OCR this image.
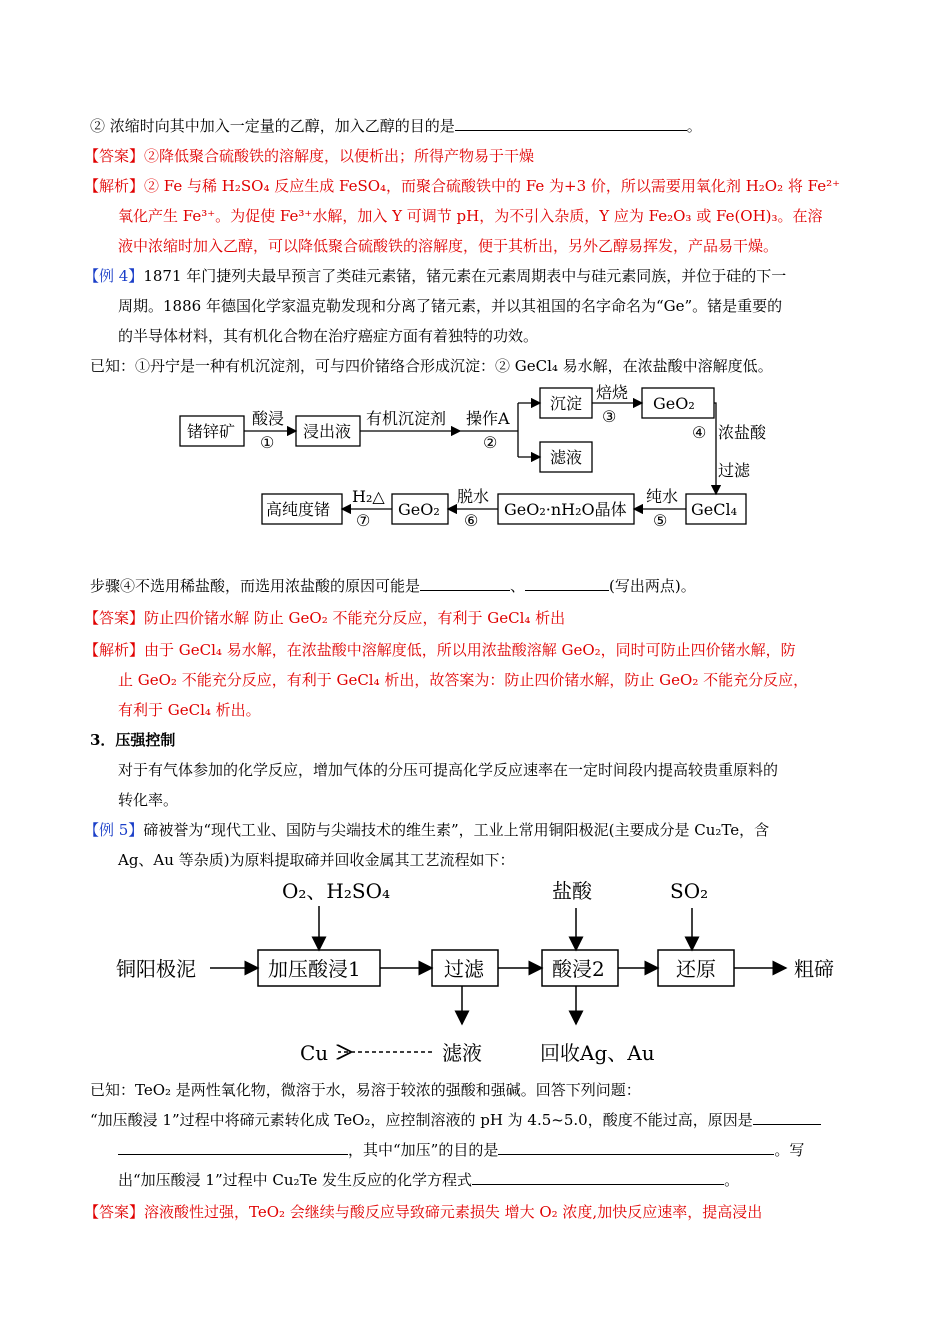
② 浓缩时向其中加入一定量的乙醇，加入乙醇的目的是	。
【答案】②降低聚合硫酸铁的溶解度，以便析出；所得产物易于干燥
【解析】② Fe 与稀 H₂SO₄ 反应生成 FeSO₄，而聚合硫酸铁中的 Fe 为+3 价，所以需要用氧化剂 H₂O₂ 将 Fe²⁺
氧化产生 Fe³⁺。为促使 Fe³⁺水解，加入 Y 可调节 pH，为不引入杂质，Y 应为 Fe₂O₃ 或 Fe(OH)₃。在溶
液中浓缩时加入乙醇，可以降低聚合硫酸铁的溶解度，便于其析出，另外乙醇易挥发，产品易干燥。
【例 4】1871 年门捷列夫最早预言了类硅元素锗，锗元素在元素周期表中与硅元素同族，并位于硅的下一
周期。1886 年德国化学家温克勒发现和分离了锗元素，并以其祖国的名字命名为“Ge”。锗是重要的
的半导体材料，其有机化合物在治疗癌症方面有着独特的功效。
已知：①丹宁是一种有机沉淀剂，可与四价锗络合形成沉淀：② GeCl₄ 易水解，在浓盐酸中溶解度低。
锗锌矿
酸浸
①
浸出液
有机沉淀剂 操作A
②
沉淀
滤液
焙烧
③
GeO₂
④ 浓盐酸
过滤
GeCl₄
纯水
⑤
GeO₂·nH₂O晶体
脱水
⑥
GeO₂
H₂△
⑦
高纯度锗
步骤④不选用稀盐酸，而选用浓盐酸的原因可能是	、	(写出两点)。
【答案】防止四价锗水解 防止 GeO₂ 不能充分反应，有利于 GeCl₄ 析出
【解析】由于 GeCl₄ 易水解，在浓盐酸中溶解度低，所以用浓盐酸溶解 GeO₂，同时可防止四价锗水解，防
止 GeO₂ 不能充分反应，有利于 GeCl₄ 析出，故答案为：防止四价锗水解，防止 GeO₂ 不能充分反应，
有利于 GeCl₄ 析出。
3．压强控制
对于有气体参加的化学反应，增加气体的分压可提高化学反应速率在一定时间段内提高较贵重原料的
转化率。
【例 5】碲被誉为“现代工业、国防与尖端技术的维生素”，工业上常用铜阳极泥(主要成分是 Cu₂Te，含
Ag、Au 等杂质)为原料提取碲并回收金属其工艺流程如下：
O₂、H₂SO₄	盐酸	SO₂
铜阳极泥	加压酸浸1	过滤	酸浸2	还原	粗碲
Cu	滤液	回收Ag、Au
已知：TeO₂ 是两性氧化物，微溶于水，易溶于较浓的强酸和强碱。回答下列问题：
“加压酸浸 1”过程中将碲元素转化成 TeO₂，应控制溶液的 pH 为 4.5~5.0，酸度不能过高，原因是
，其中“加压”的目的是	。写
出“加压酸浸 1”过程中 Cu₂Te 发生反应的化学方程式	。
【答案】溶液酸性过强，TeO₂ 会继续与酸反应导致碲元素损失 增大 O₂ 浓度,加快反应速率，提高浸出
